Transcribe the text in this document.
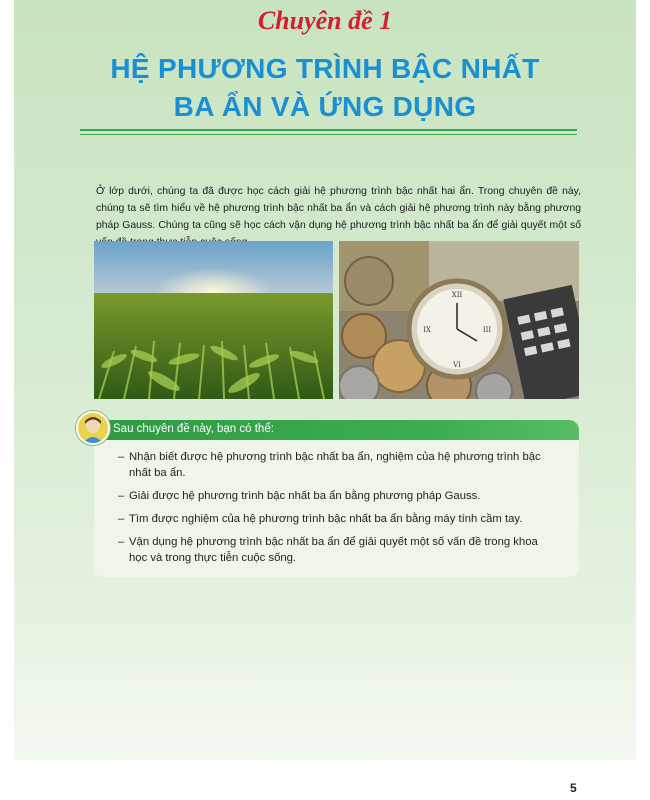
Chuyên đề 1
HỆ PHƯƠNG TRÌNH BẬC NHẤT
BA ẨN VÀ ỨNG DỤNG
Ở lớp dưới, chúng ta đã được học cách giải hệ phương trình bậc nhất hai ẩn. Trong chuyên đề này, chúng ta sẽ tìm hiểu về hệ phương trình bậc nhất ba ẩn và cách giải hệ phương trình này bằng phương pháp Gauss. Chúng ta cũng sẽ học cách vận dụng hệ phương trình bậc nhất ba ẩn để giải quyết một số
XII
III
VI
IX
Sau chuyên đề này, bạn có thể:
– Nhận biết được hệ phương trình bậc nhất ba ẩn, nghiệm của hệ phương trình bậc nhất ba ẩn.
– Giải được hệ phương trình bậc nhất ba ẩn bằng phương pháp Gauss.
– Tìm được nghiệm của hệ phương trình bậc nhất ba ẩn bằng máy tính cầm tay.
– Vận dụng hệ phương trình bậc nhất ba ẩn để giải quyết một số vấn đề trong khoa học và trong thực tiễn cuộc sống.
5
